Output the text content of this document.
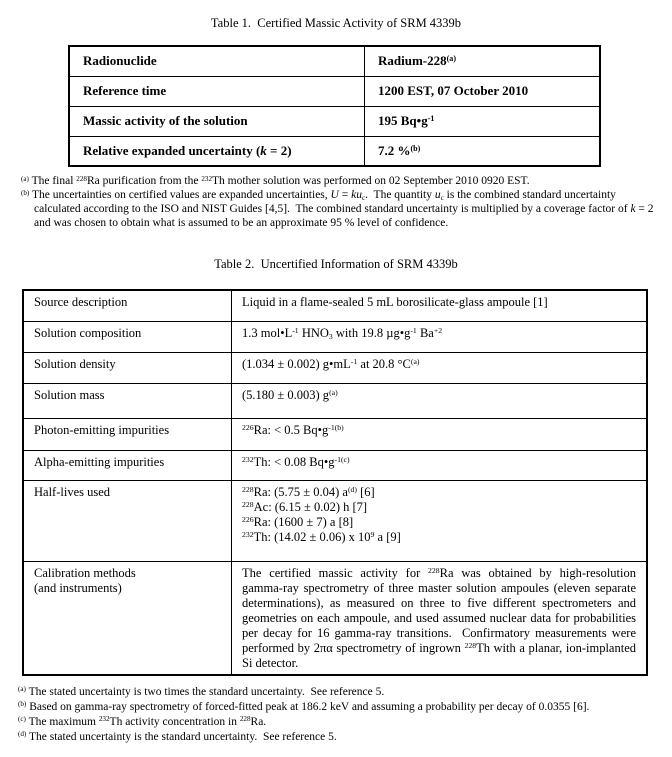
Table 1.  Certified Massic Activity of SRM 4339b
Radionuclide	Radium-228$^{(a)}$
Reference time	1200 EST, 07 October 2010
Massic activity of the solution	195 $Bq•g^{-1}$
Relative expanded uncertainty (k = 2)	7.2 %$^{(b)}$

$^{(a)}$ The final $^{228}$Ra purification from the $^{232}$Th mother solution was performed on 02 September 2010 0920 EST.

$^{(b)}$ The uncertainties on certified values are expanded uncertainties, $U = ku_c$.  The quantity $u_c$ is the combined standard uncertainty calculated according to the ISO and NIST Guides [4,5].  The combined standard uncertainty is multiplied by a coverage factor of k = 2 and was chosen to obtain what is assumed to be an approximate 95 % level of confidence.

Table 2.  Uncertified Information of SRM 4339b
Source description	Liquid in a flame-sealed 5 mL borosilicate-glass ampoule [1]
Solution composition	1.3 $mol•L^{-1}$ $HNO_3$ with 19.8 $\mu g•g^{-1}$ $Ba^{+2}$
Solution density	(1.034 ± 0.002) $g•mL^{-1}$ at 20.8 $^\circ C^{(a)}$
Solution mass	(5.180 ± 0.003) $g^{(a)}$
Photon-emitting impurities	$^{226}$Ra: < 0.5 $Bq•g^{-1(b)}$
Alpha-emitting impurities	$^{232}$Th: < 0.08 $Bq•g^{-1(c)}$
Half-lives used	$^{228}$Ra: (5.75 ± 0.04) $a^{(d)}$ [6]
$^{228}$Ac: (6.15 ± 0.02) h [7]
$^{226}$Ra: (1600 ± 7) a [8]
$^{232}$Th: (14.02 ± 0.06) x $10^9$ a [9]
Calibration methods
(and instruments)	The certified massic activity for $^{228}$Ra was obtained by high-resolution gamma-ray spectrometry of three master solution ampoules (eleven separate determinations), as measured on three to five different spectrometers and geometries on each ampoule, and used assumed nuclear data for probabilities per decay for 16 gamma-ray transitions.  Confirmatory measurements were performed by 2πα spectrometry of ingrown $^{228}$Th with a planar, ion-implanted Si detector.

$^{(a)}$ The stated uncertainty is two times the standard uncertainty.  See reference 5.

$^{(b)}$ Based on gamma-ray spectrometry of forced-fitted peak at 186.2 keV and assuming a probability per decay of 0.0355 [6].

$^{(c)}$ The maximum $^{232}$Th activity concentration in $^{228}$Ra.

$^{(d)}$ The stated uncertainty is the standard uncertainty.  See reference 5.
